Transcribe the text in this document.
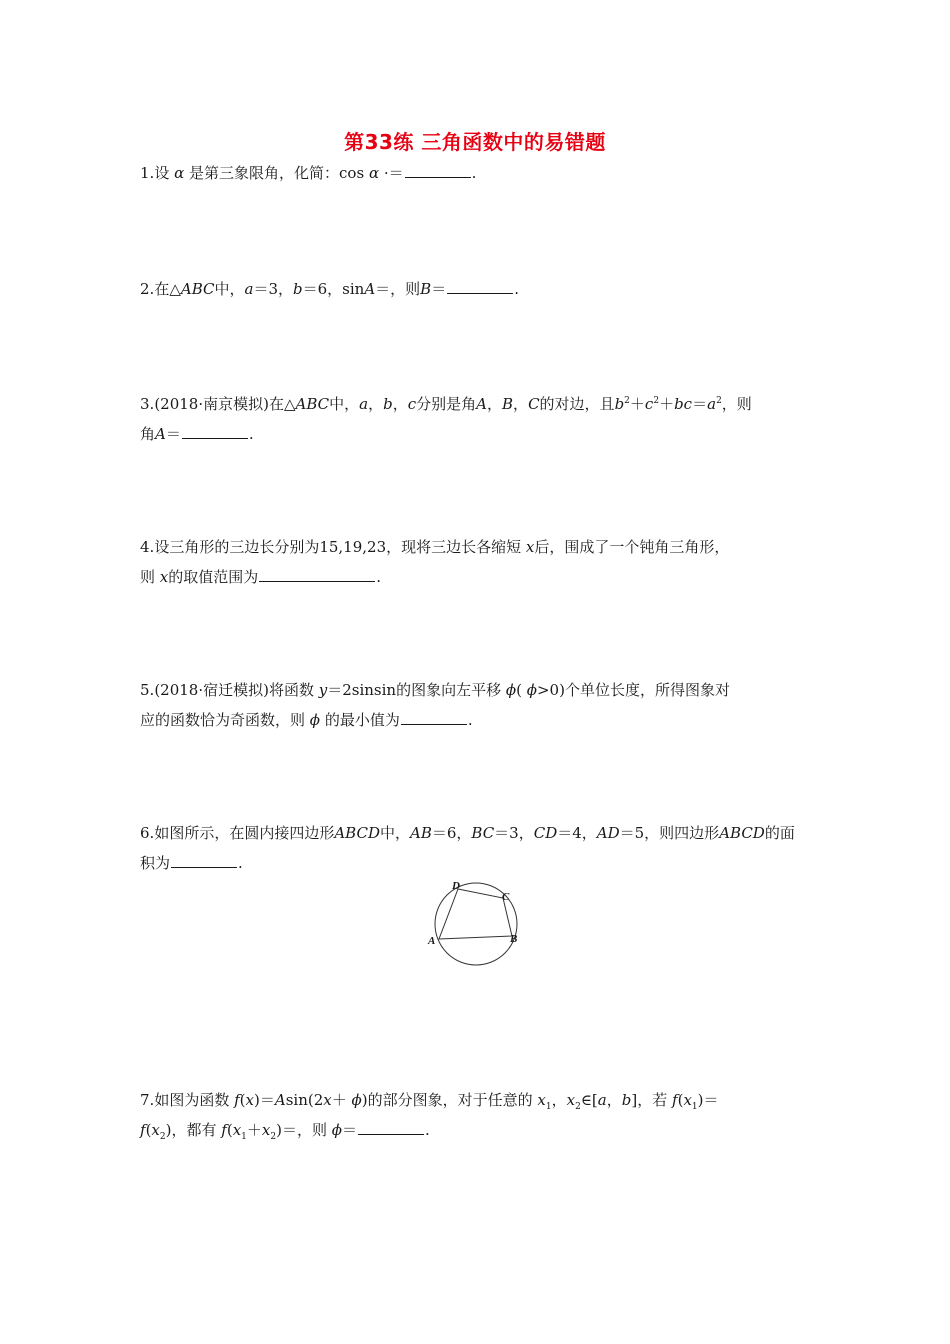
第33练 三角函数中的易错题
1.设 α 是第三象限角，化简：cos α ·＝	.
2.在△ABC中，a＝3，b＝6，sinA＝，则B＝	.
3.(2018·南京模拟)在△ABC中，a，b，c分别是角A，B，C的对边，且$b^2+c^2+bc=a^2$，则
角A＝	.
4.设三角形的三边长分别为15,19,23，现将三边长各缩短 x后，围成了一个钝角三角形，
则 x的取值范围为	.
5.(2018·宿迁模拟)将函数 y＝2sinsin的图象向左平移 ϕ( ϕ>0)个单位长度，所得图象对
应的函数恰为奇函数，则 ϕ 的最小值为	.
6.如图所示，在圆内接四边形ABCD中，AB＝6，BC＝3，CD＝4，AD＝5，则四边形ABCD的面
积为	.
A	B
C
D
7.如图为函数 f(x)＝Asin(2x＋ ϕ)的部分图象，对于任意的 $x_1$，$x_2\in[a$，b]，若 $f(x_1)=$
$f(x_2)$，都有 $f(x_1+x_2)=$，则 ϕ＝	.
